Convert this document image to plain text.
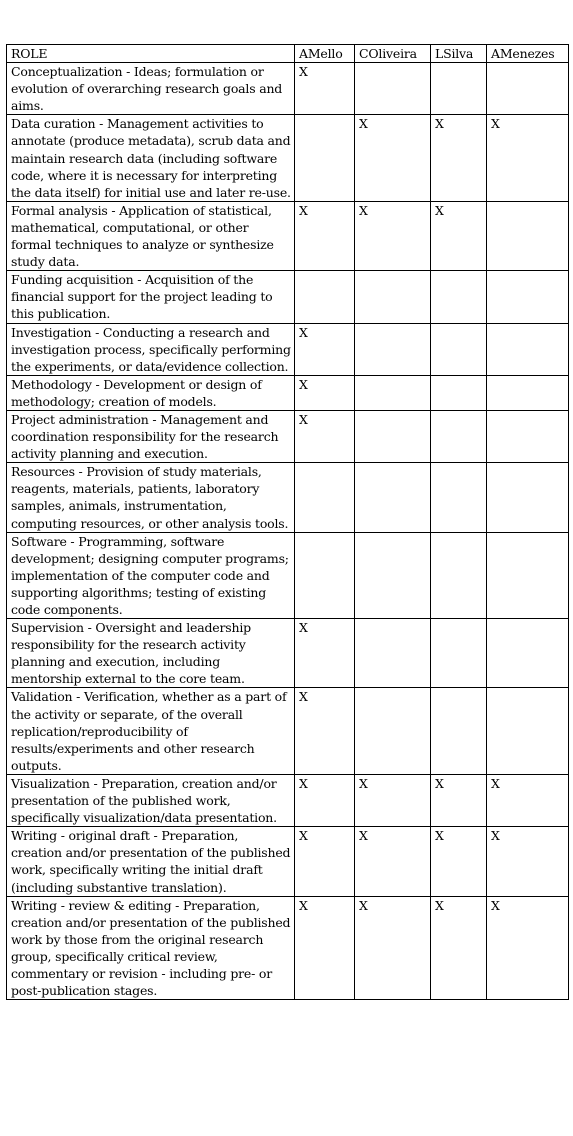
ROLE	AMello	COliveira	LSilva	AMenezes
Conceptualization - Ideas; formulation or evolution of overarching research goals and aims.	X			
Data curation - Management activities to annotate (produce metadata), scrub data and maintain research data (including software code, where it is necessary for interpreting the data itself) for initial use and later re-use.		X	X	X
Formal analysis - Application of statistical, mathematical, computational, or other formal techniques to analyze or synthesize study data.	X	X	X	
Funding acquisition - Acquisition of the financial support for the project leading to this publication.				
Investigation - Conducting a research and investigation process, specifically performing the experiments, or data/evidence collection.	X			
Methodology - Development or design of methodology; creation of models.	X			
Project administration - Management and coordination responsibility for the research activity planning and execution.	X			
Resources - Provision of study materials, reagents, materials, patients, laboratory samples, animals, instrumentation, computing resources, or other analysis tools.				
Software - Programming, software development; designing computer programs; implementation of the computer code and supporting algorithms; testing of existing code components.				
Supervision - Oversight and leadership responsibility for the research activity planning and execution, including mentorship external to the core team.	X			
Validation - Verification, whether as a part of the activity or separate, of the overall replication/reproducibility of results/experiments and other research outputs.	X			
Visualization - Preparation, creation and/or presentation of the published work, specifically visualization/data presentation.	X	X	X	X
Writing - original draft - Preparation, creation and/or presentation of the published work, specifically writing the initial draft (including substantive translation).	X	X	X	X
Writing - review & editing - Preparation, creation and/or presentation of the published work by those from the original research group, specifically critical review, commentary or revision - including pre- or post-publication stages.	X	X	X	X
